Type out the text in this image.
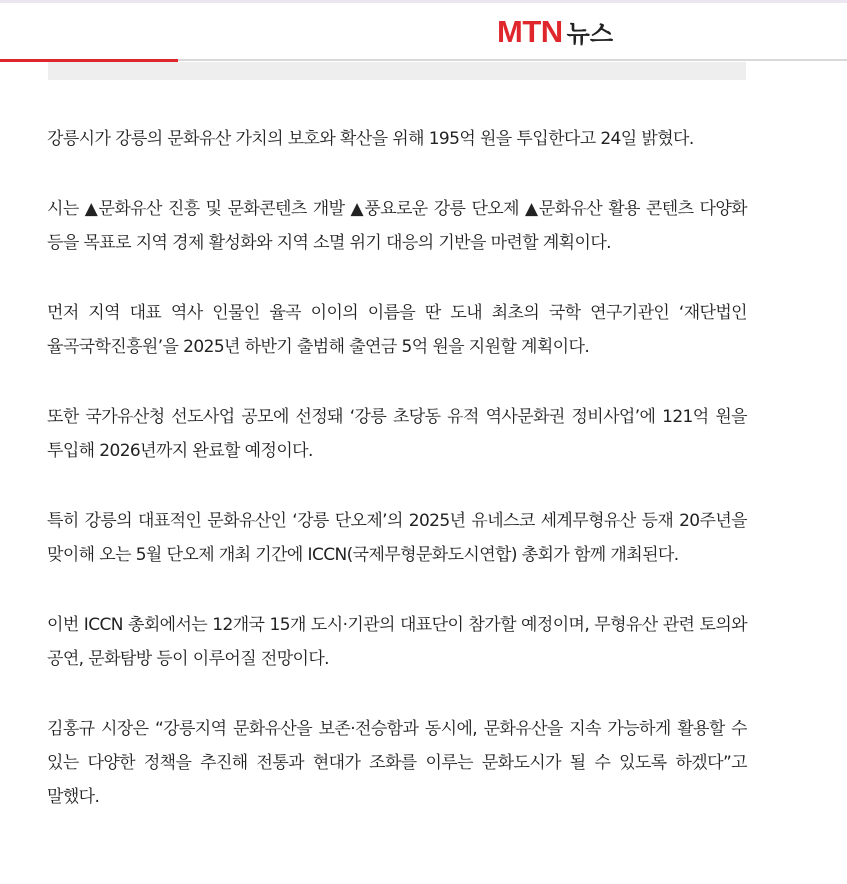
MTN 뉴스

강릉시가 강릉의 문화유산 가치의 보호와 확산을 위해 195억 원을 투입한다고 24일 밝혔다.

시는 ▲문화유산 진흥 및 문화콘텐츠 개발 ▲풍요로운 강릉 단오제 ▲문화유산 활용 콘텐츠 다양화 등을 목표로 지역 경제 활성화와 지역 소멸 위기 대응의 기반을 마련할 계획이다.

먼저 지역 대표 역사 인물인 율곡 이이의 이름을 딴 도내 최초의 국학 연구기관인 ‘재단법인 율곡국학진흥원’을 2025년 하반기 출범해 출연금 5억 원을 지원할 계획이다.

또한 국가유산청 선도사업 공모에 선정돼 ‘강릉 초당동 유적 역사문화권 정비사업’에 121억 원을 투입해 2026년까지 완료할 예정이다.

특히 강릉의 대표적인 문화유산인 ‘강릉 단오제’의 2025년 유네스코 세계무형유산 등재 20주년을 맞이해 오는 5월 단오제 개최 기간에 ICCN(국제무형문화도시연합) 총회가 함께 개최된다.

이번 ICCN 총회에서는 12개국 15개 도시·기관의 대표단이 참가할 예정이며, 무형유산 관련 토의와 공연, 문화탐방 등이 이루어질 전망이다.

김홍규 시장은 “강릉지역 문화유산을 보존·전승함과 동시에, 문화유산을 지속 가능하게 활용할 수 있는 다양한 정책을 추진해 전통과 현대가 조화를 이루는 문화도시가 될 수 있도록 하겠다”고 말했다.
